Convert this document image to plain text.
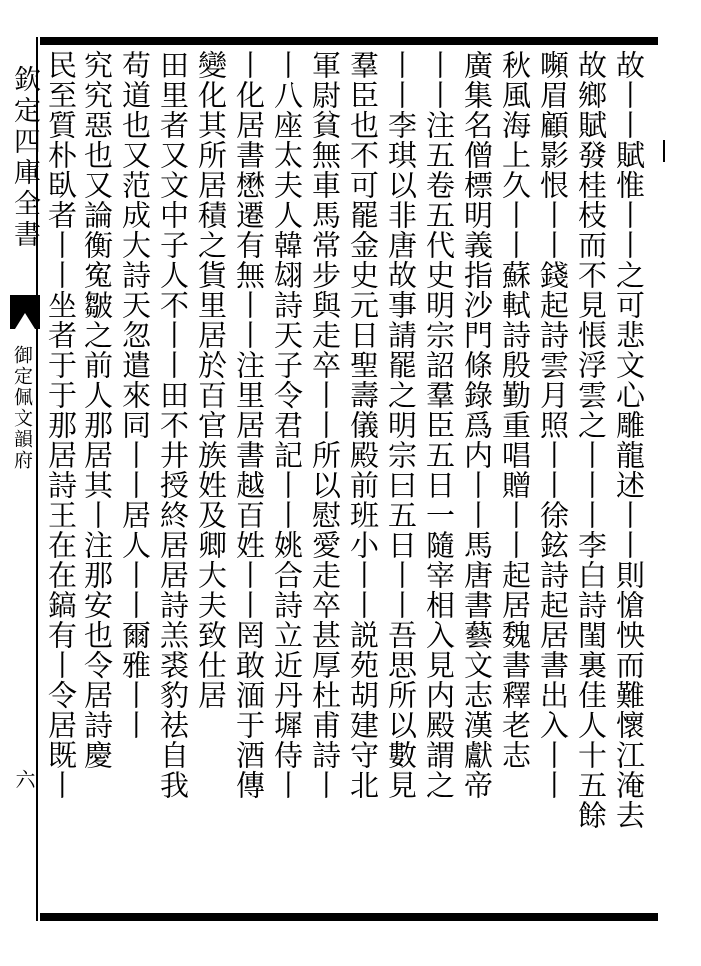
欽定四庫全書
御定佩文韻府
六	故丨丨賦惟丨丨之可悲文心雕龍述丨丨則愴怏而難懷江淹去
故鄉賦發桂枝而不見悵浮雲之丨丨丨李白詩閨裏佳人十五餘
嚬眉顧影恨丨丨錢起詩雲月照丨丨徐鉉詩起居書出入丨丨
秋風海上久丨丨蘇軾詩殷勤重唱贈丨丨起居魏書釋老志
廣集名僧標明義指沙門條錄爲内丨丨馬唐書藝文志漢獻帝
丨丨注五卷五代史明宗詔羣臣五日一隨宰相入見内殿謂之
丨丨李琪以非唐故事請罷之明宗曰五日丨丨吾思所以數見
羣臣也不可罷金史元日聖壽儀殿前班小丨丨説苑胡建守北
軍尉貧無車馬常步與走卒丨丨所以慰愛走卒甚厚杜甫詩丨
丨八座太夫人韓翃詩天子令君記丨丨姚合詩立近丹墀侍丨
丨化居書懋遷有無丨丨注里居書越百姓丨丨罔敢湎于酒傳
變化其所居積之貨里居於百官族姓及卿大夫致仕居
田里者又文中子人不丨丨田不井授終居居詩羔裘豹祛自我
苟道也又范成大詩天忽遣來同丨丨居人丨丨爾雅丨丨
究究惡也又論衡寃皺之前人那居其丨注那安也令居詩慶
民至質朴臥者丨丨坐者于于那居詩王在在鎬有丨令居既丨
